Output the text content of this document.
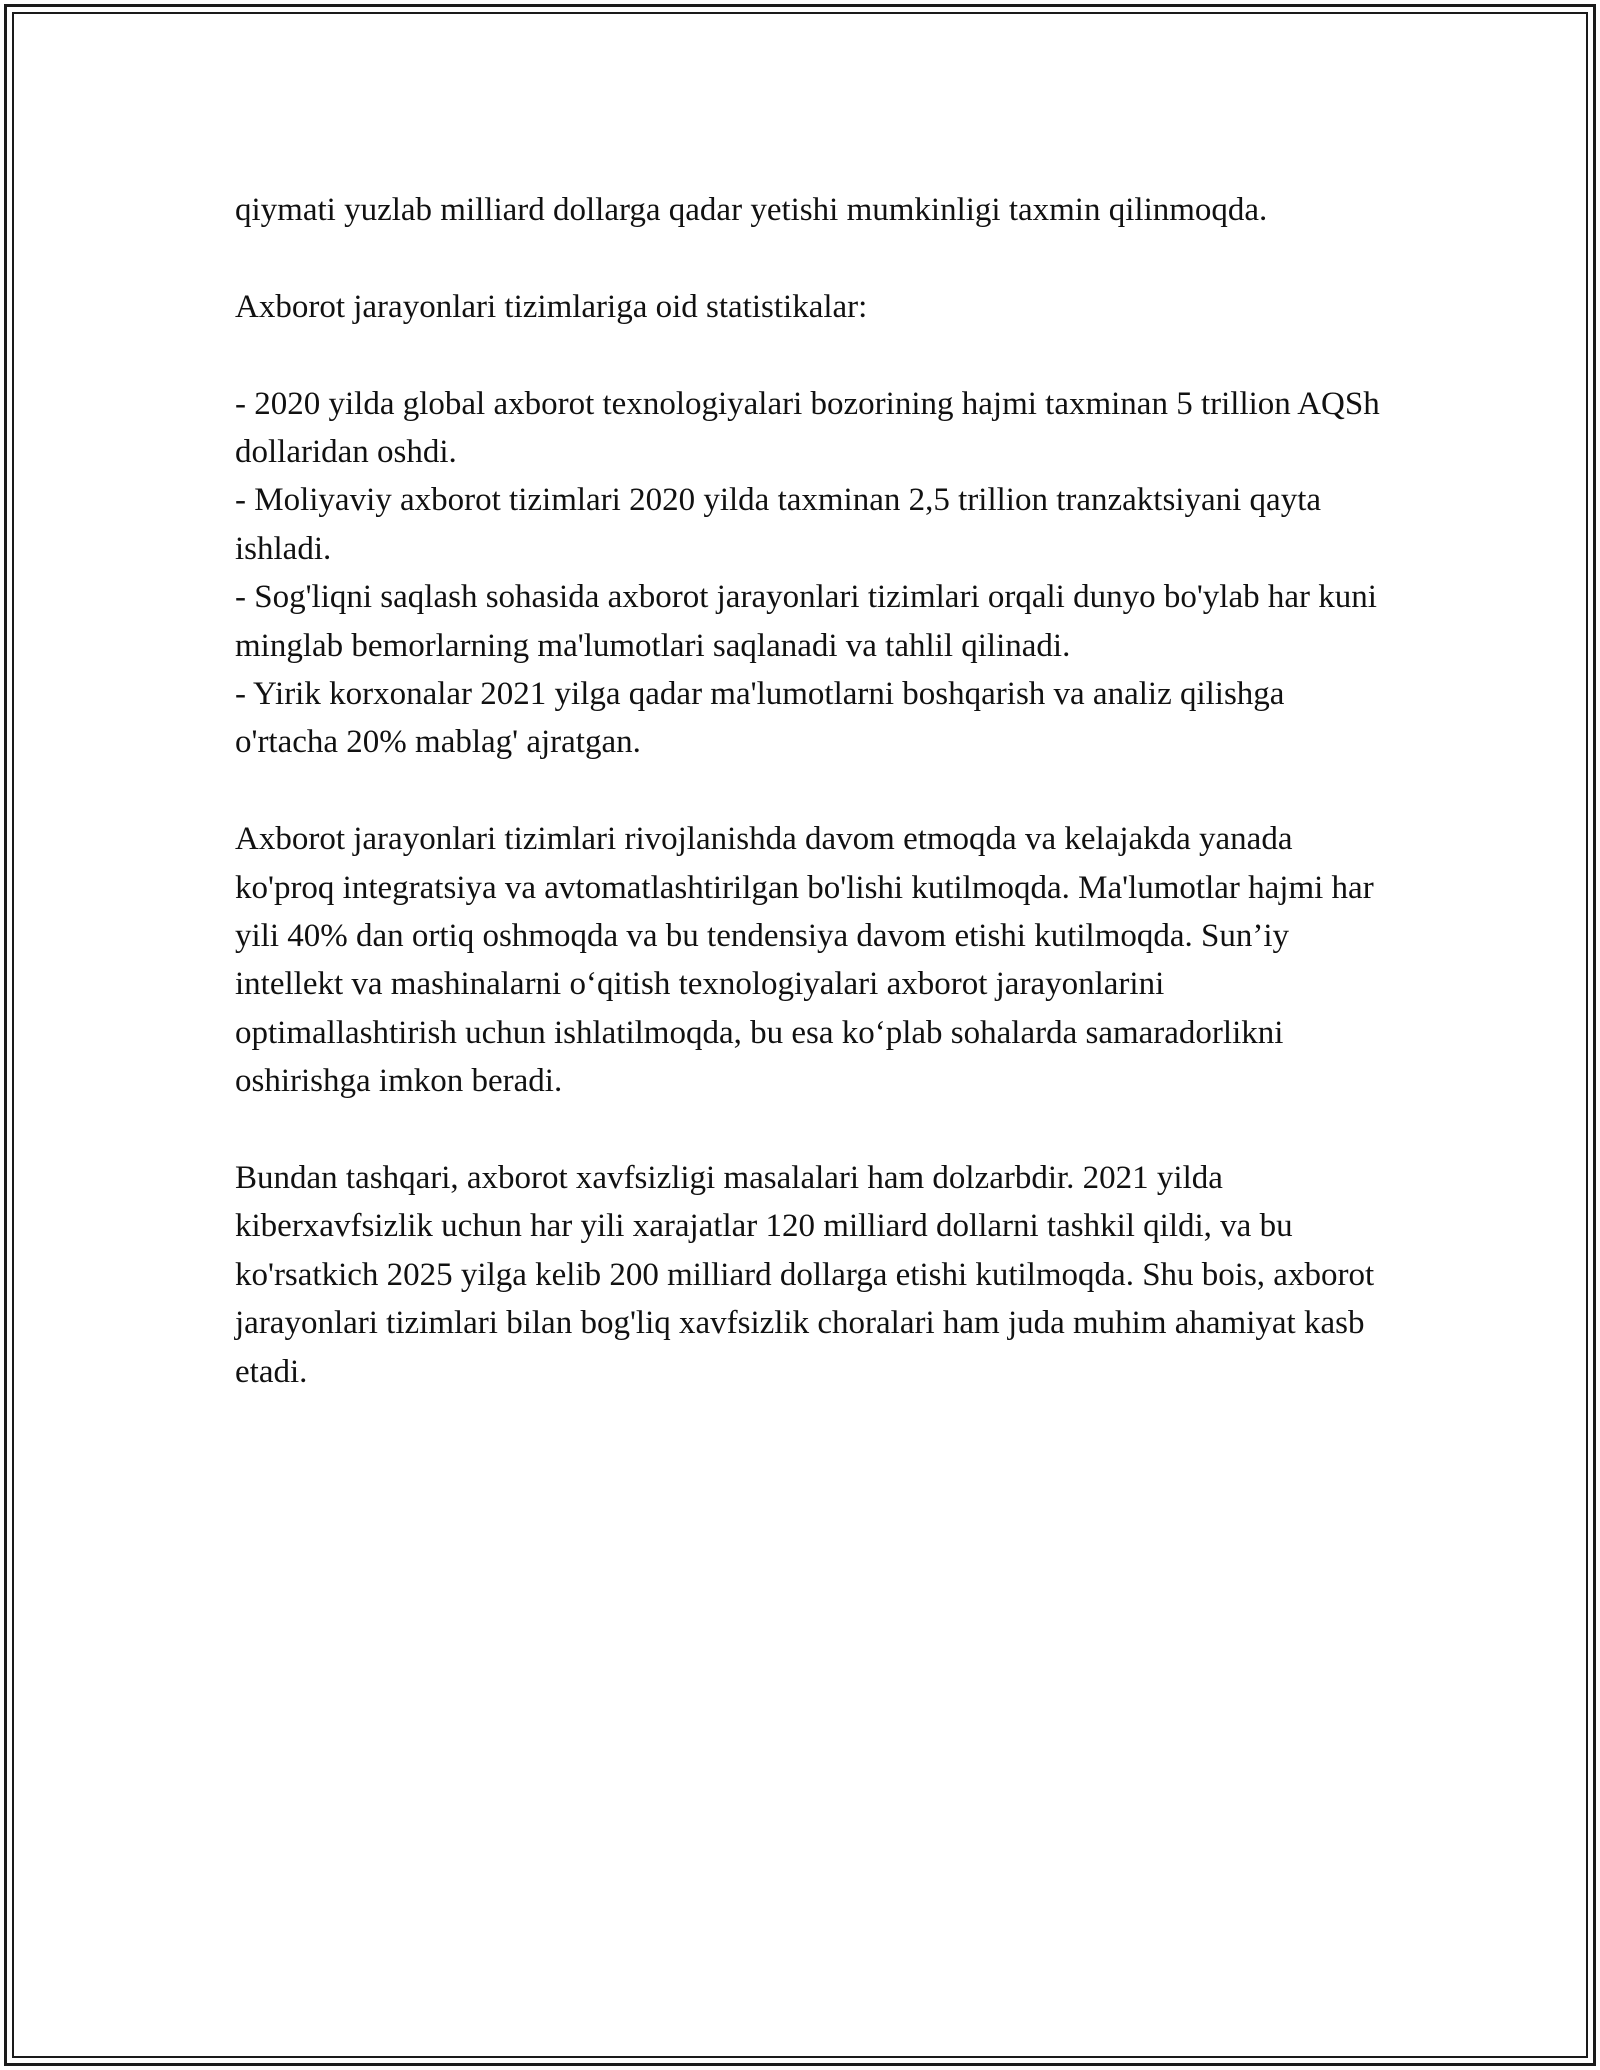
qiymati yuzlab milliard dollarga qadar yetishi mumkinligi taxmin qilinmoqda.

Axborot jarayonlari tizimlariga oid statistikalar:

- 2020 yilda global axborot texnologiyalari bozorining hajmi taxminan 5 trillion AQSh dollaridan oshdi.

- Moliyaviy axborot tizimlari 2020 yilda taxminan 2,5 trillion tranzaktsiyani qayta ishladi.

- Sog'liqni saqlash sohasida axborot jarayonlari tizimlari orqali dunyo bo'ylab har kuni minglab bemorlarning ma'lumotlari saqlanadi va tahlil qilinadi.

- Yirik korxonalar 2021 yilga qadar ma'lumotlarni boshqarish va analiz qilishga o'rtacha 20% mablag' ajratgan.

Axborot jarayonlari tizimlari rivojlanishda davom etmoqda va kelajakda yanada ko'proq integratsiya va avtomatlashtirilgan bo'lishi kutilmoqda. Ma'lumotlar hajmi har yili 40% dan ortiq oshmoqda va bu tendensiya davom etishi kutilmoqda. Sun’iy intellekt va mashinalarni o‘qitish texnologiyalari axborot jarayonlarini optimallashtirish uchun ishlatilmoqda, bu esa ko‘plab sohalarda samaradorlikni oshirishga imkon beradi.

Bundan tashqari, axborot xavfsizligi masalalari ham dolzarbdir. 2021 yilda kiberxavfsizlik uchun har yili xarajatlar 120 milliard dollarni tashkil qildi, va bu ko'rsatkich 2025 yilga kelib 200 milliard dollarga etishi kutilmoqda. Shu bois, axborot jarayonlari tizimlari bilan bog'liq xavfsizlik choralari ham juda muhim ahamiyat kasb etadi.
